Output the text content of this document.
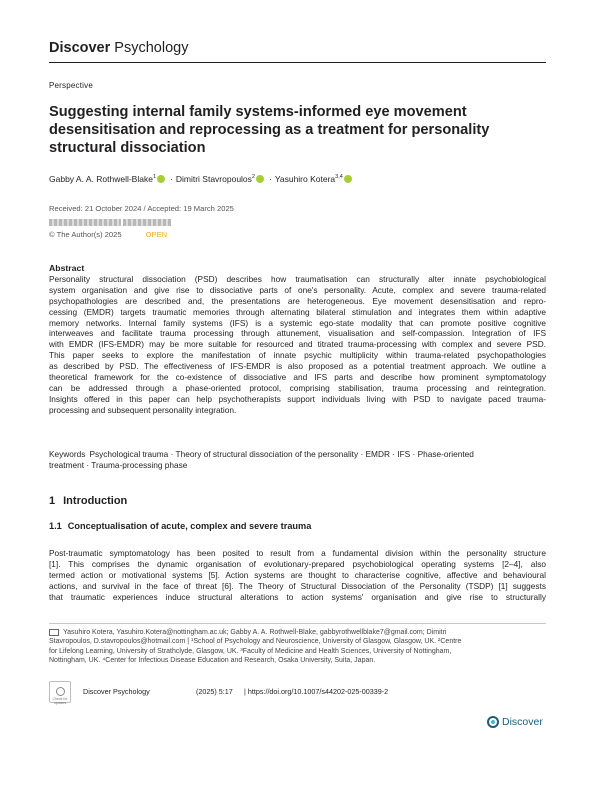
Discover Psychology
Perspective
Suggesting internal family systems-informed eye movement desensitisation and reprocessing as a treatment for personality structural dissociation
Gabby A. A. Rothwell-Blake$^1$ · Dimitri Stavropoulos$^2$ · Yasuhiro Kotera$^{3,4}$
Received: 21 October 2024 / Accepted: 19 March 2025

© The Author(s) 2025	OPEN
Abstract
Personality structural dissociation (PSD) describes how traumatisation can structurally alter innate psychobiological
system organisation and give rise to dissociative parts of one's personality. Acute, complex and severe trauma-related
psychopathologies are described and, the presentations are heterogeneous. Eye movement desensitisation and repro-
cessing (EMDR) targets traumatic memories through alternating bilateral stimulation and integrates them within adaptive
memory networks. Internal family systems (IFS) is a systemic ego-state modality that can promote positive cognitive
interweaves and facilitate trauma processing through attunement, visualisation and self-compassion. Integration of IFS
with EMDR (IFS-EMDR) may be more suitable for resourced and titrated trauma-processing with complex and severe PSD.
This paper seeks to explore the manifestation of innate psychic multiplicity within trauma-related psychopathologies
as described by PSD. The effectiveness of IFS-EMDR is also proposed as a potential treatment approach. We outline a
theoretical framework for the co-existence of dissociative and IFS parts and describe how prominent symptomatology
can be addressed through a phase-oriented protocol, comprising stabilisation, trauma processing and reintegration.
Insights offered in this paper can help psychotherapists support individuals living with PSD to navigate paced trauma-
processing and subsequent personality integration.
Keywords Psychological trauma · Theory of structural dissociation of the personality · EMDR · IFS · Phase-oriented
treatment · Trauma-processing phase
1 Introduction
1.1 Conceptualisation of acute, complex and severe trauma
Post-traumatic symptomatology has been posited to result from a fundamental division within the personality structure
[1]. This comprises the dynamic organisation of evolutionary-prepared psychobiological operating systems [2–4], also
termed action or motivational systems [5]. Action systems are thought to characterise cognitive, affective and behavioural
actions, and survival in the face of threat [6]. The Theory of Structural Dissociation of the Personality (TSDP) [1] suggests
that traumatic experiences induce structural alterations to action systems' organisation and give rise to structurally
Yasuhiro Kotera, Yasuhiro.Kotera@nottingham.ac.uk; Gabby A. A. Rothwell-Blake, gabbyrothwellblake7@gmail.com; Dimitri
Stavropoulos, D.stavropoulos@hotmail.com | ¹School of Psychology and Neuroscience, University of Glasgow, Glasgow, UK. ²Centre
for Lifelong Learning, University of Strathclyde, Glasgow, UK. ³Faculty of Medicine and Health Sciences, University of Nottingham,
Nottingham, UK. ⁴Center for Infectious Disease Education and Research, Osaka University, Suita, Japan.
Check for
updates
Discover Psychology	(2025) 5:17 | https://doi.org/10.1007/s44202-025-00339-2
Discover
